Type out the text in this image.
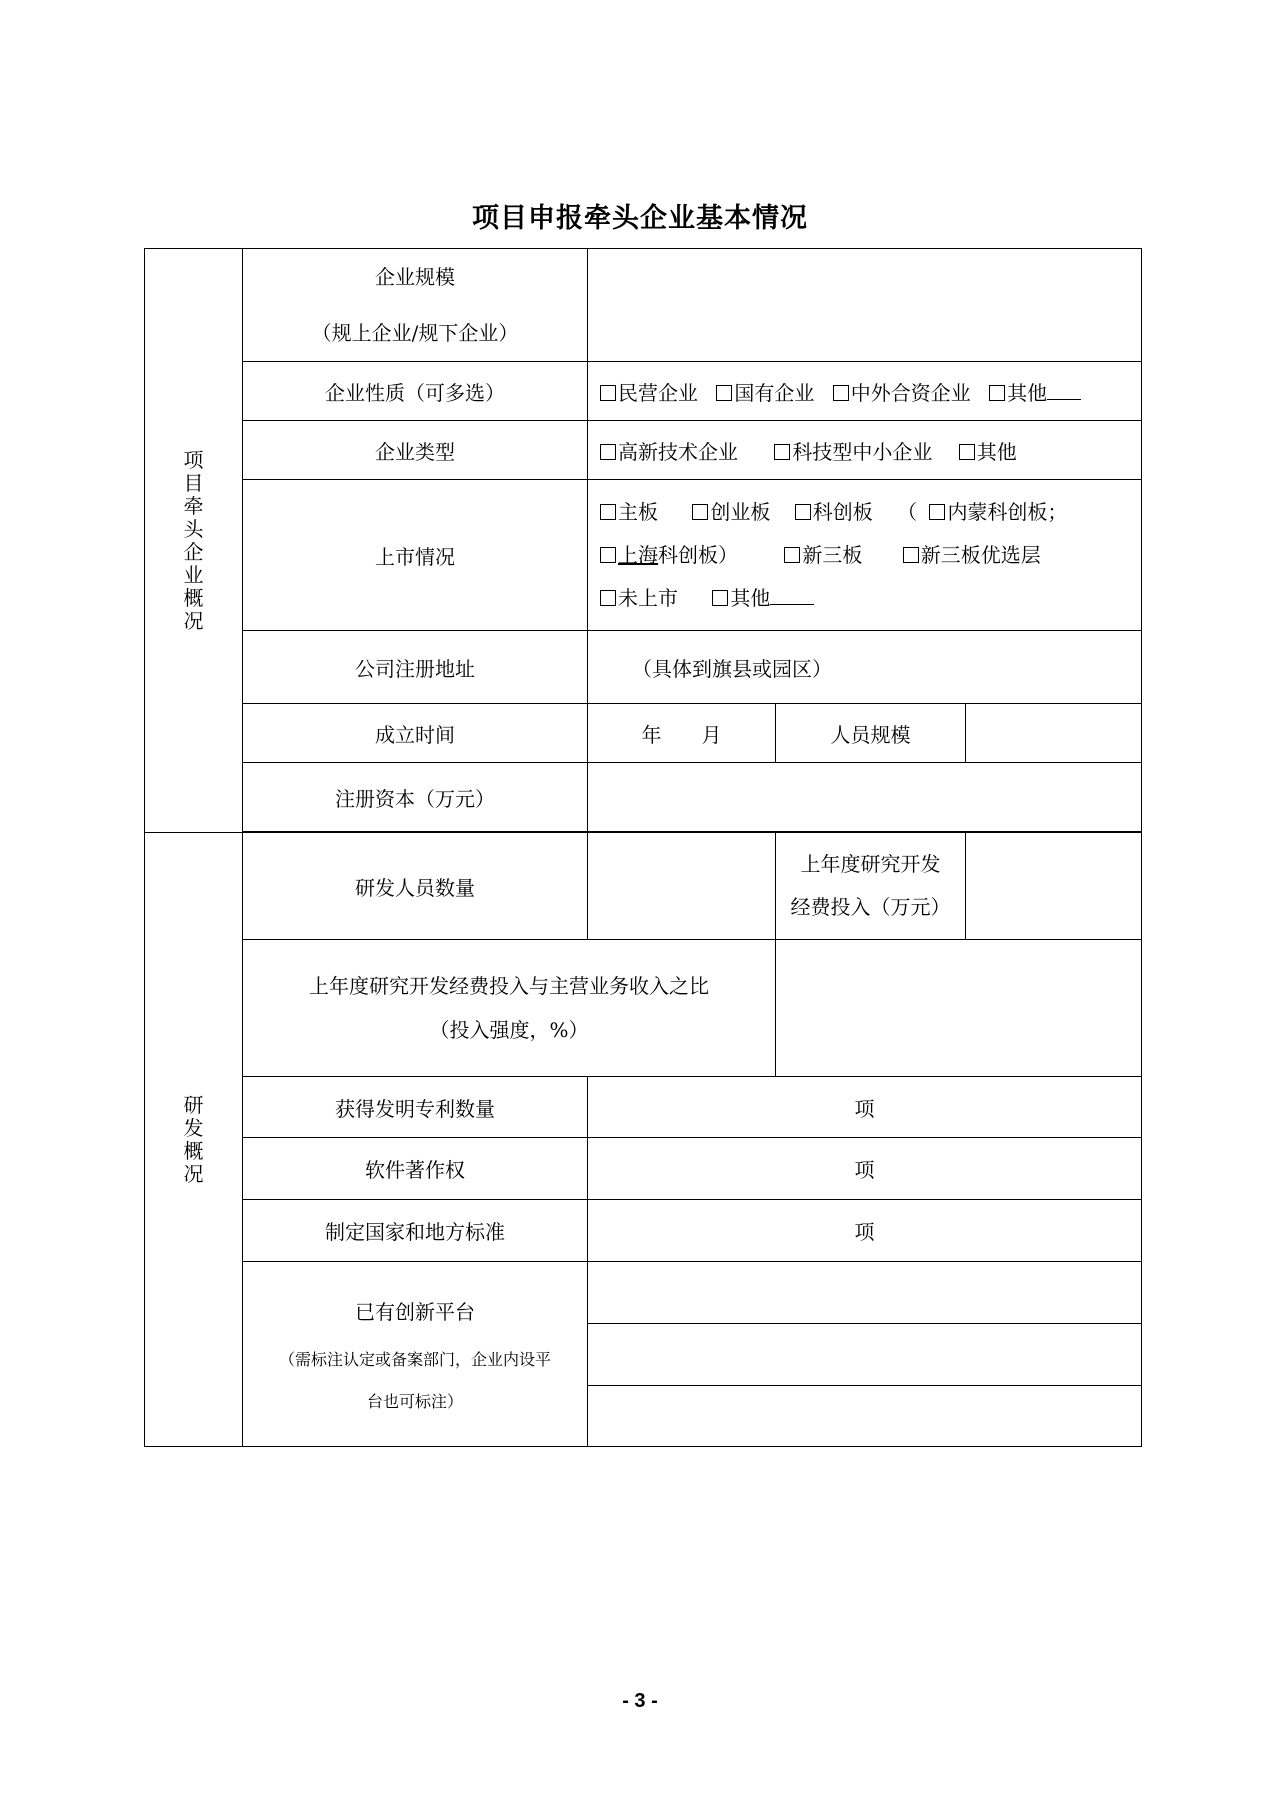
项目申报牵头企业基本情况
项目牵头企业概况	企业规模
（规上企业/规下企业）			

	企业性质（可多选）	民营企业 国有企业 中外合资企业 其他		
	企业类型	高新技术企业 科技型中小企业 其他		
	上市情况	主板 创业板 科创板 （ 内蒙科创板；
上海科创板） 新三板 新三板优选层
未上市 其他		

	公司注册地址	（具体到旗县或园区）		
	成立时间	年 月	人员规模	
	注册资本（万元）			

研发概况	研发人员数量		上年度研究开发
经费投入（万元）	

	上年度研究开发经费投入与主营业务收入之比
（投入强度，%）			

	获得发明专利数量	项		
	软件著作权	项		
	制定国家和地方标准	项		

	已有创新平台
（需标注认定或备案部门，企业内设平
台也可标注）			

- 3 -
